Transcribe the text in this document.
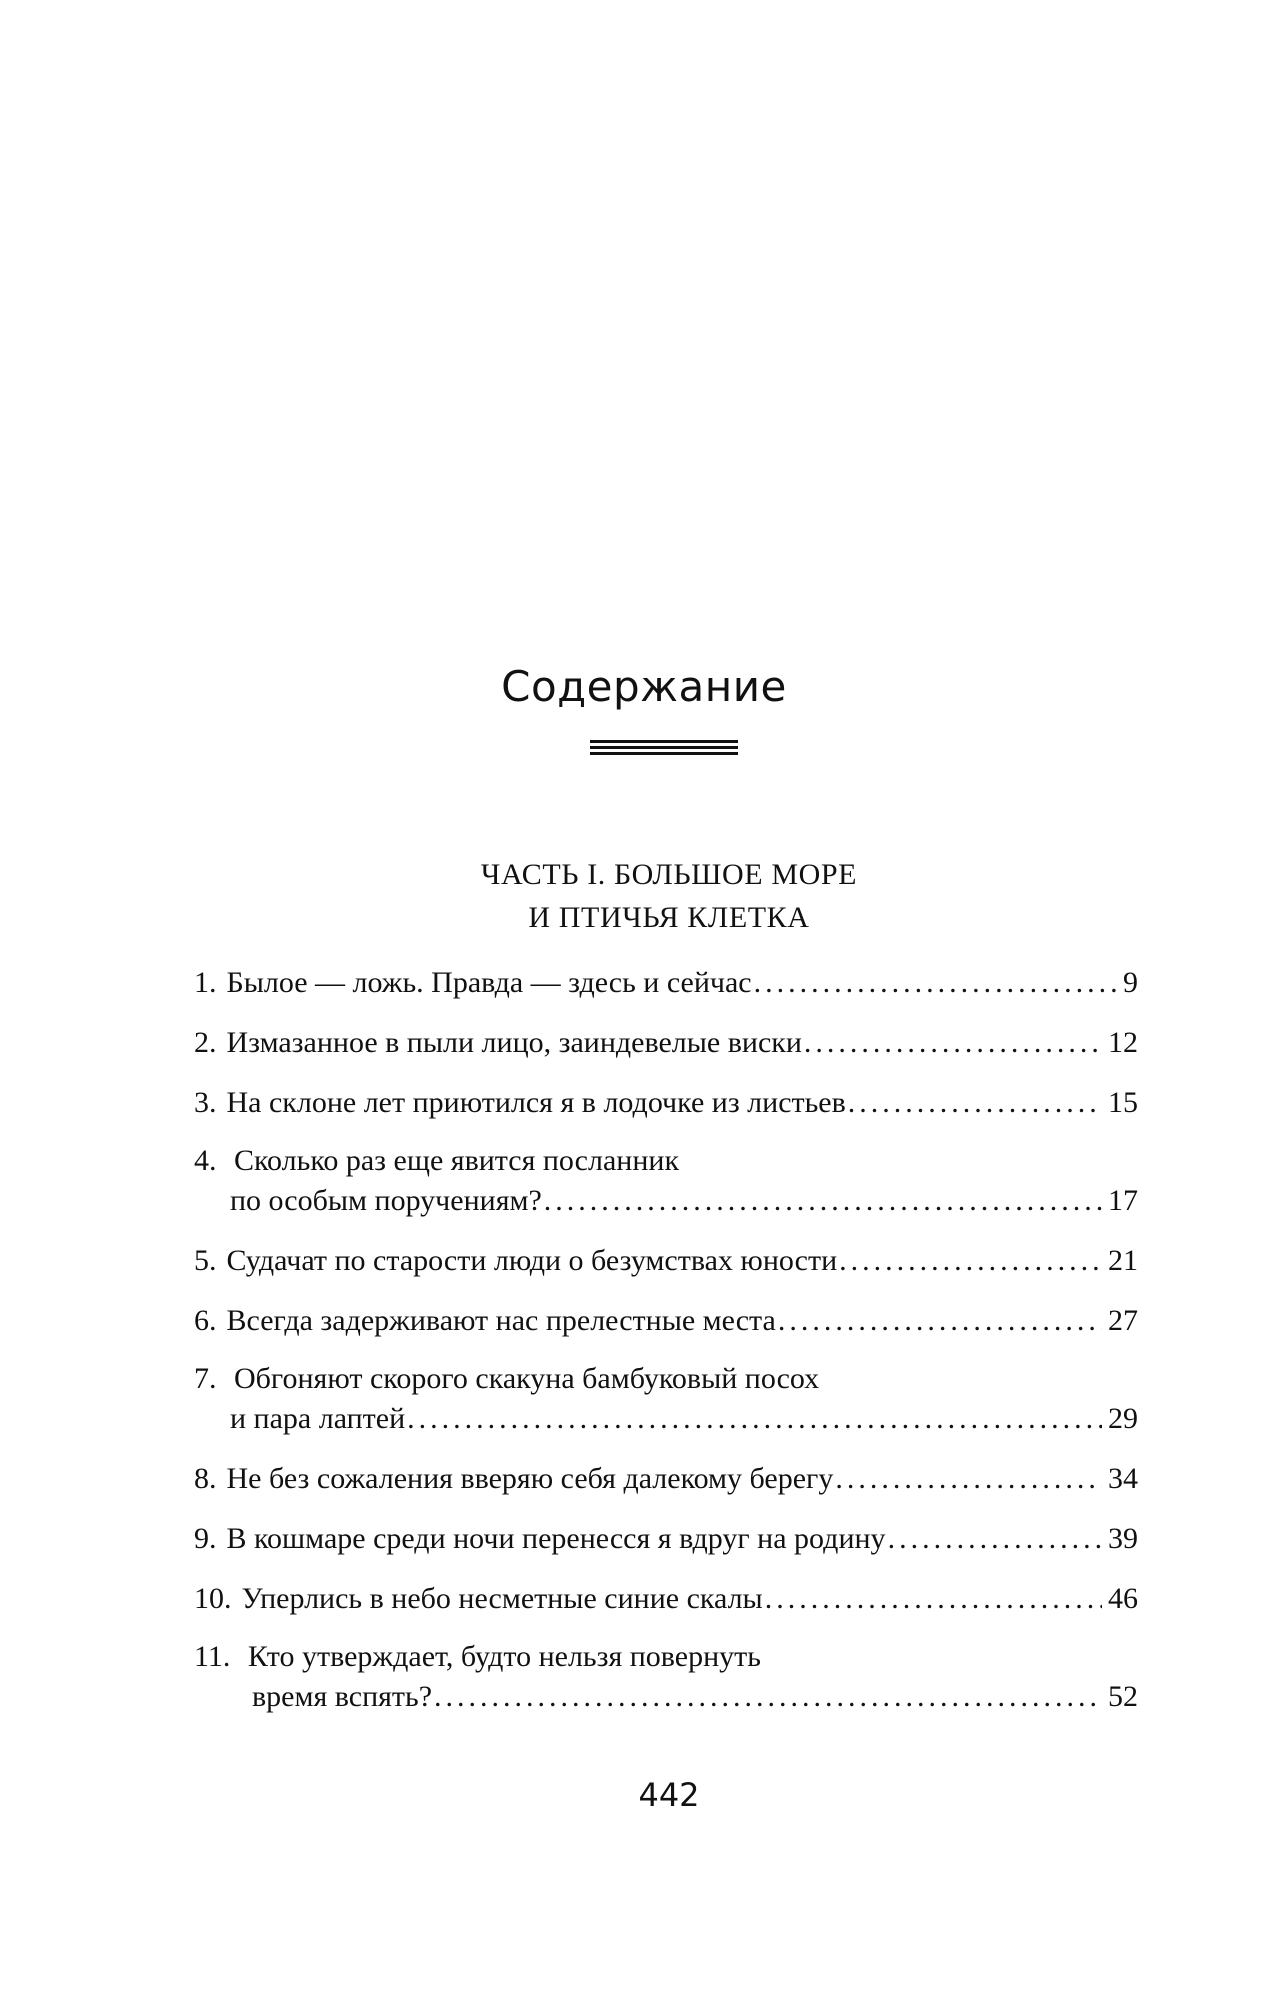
Содержание
ЧАСТЬ I. БОЛЬШОЕ МОРЕ
И ПТИЧЬЯ КЛЕТКА
1. Былое — ложь. Правда — здесь и сейчас .....	9
2. Измазанное в пыли лицо, заиндевелые виски .....	12
3. На склоне лет приютился я в лодочке из листьев .....	15
4. Сколько раз еще явится посланник
по особым поручениям? .....	17
5. Судачат по старости люди о безумствах юности .....	21
6. Всегда задерживают нас прелестные места .....	27
7. Обгоняют скорого скакуна бамбуковый посох
и пара лаптей .....	29
8. Не без сожаления вверяю себя далекому берегу .....	34
9. В кошмаре среди ночи перенесся я вдруг на родину .....	39
10. Уперлись в небо несметные синие скалы .....	46
11. Кто утверждает, будто нельзя повернуть
время вспять? .....	52
442
